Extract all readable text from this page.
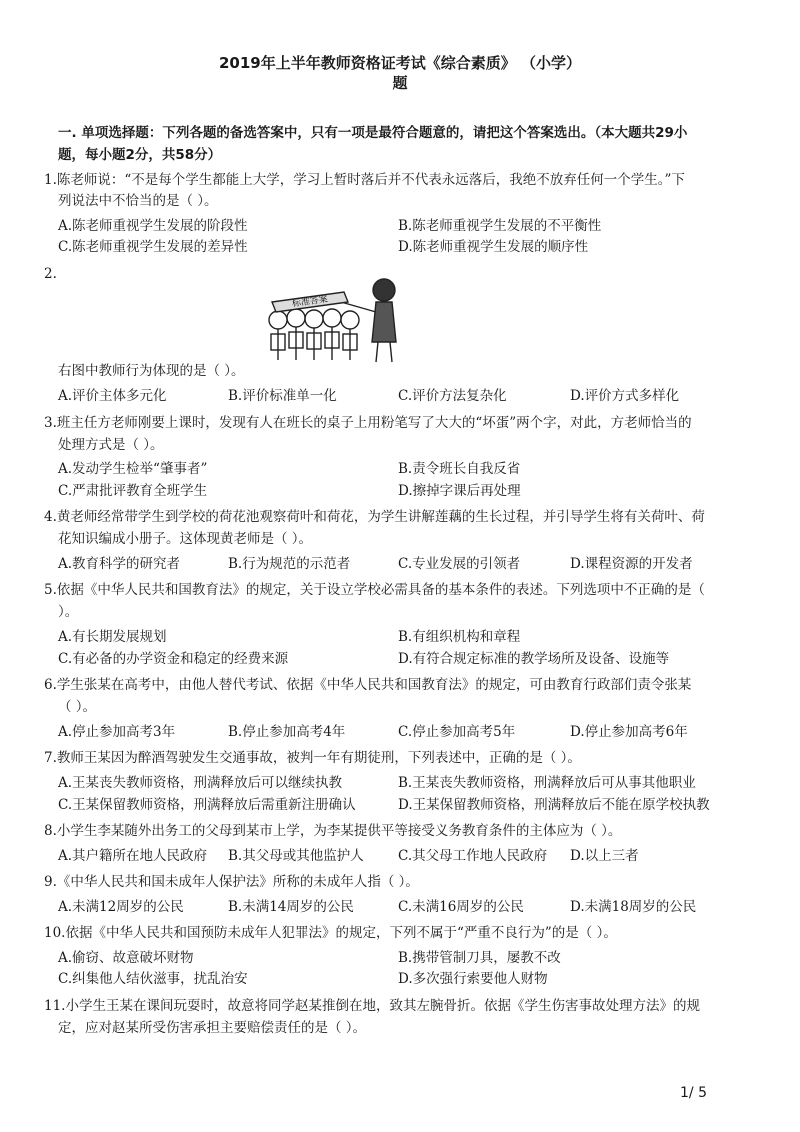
2019年上半年教师资格证考试《综合素质》 （小学）
题
一. 单项选择题：下列各题的备选答案中，只有一项是最符合题意的，请把这个答案选出。（本大题共29小
题，每小题2分，共58分）
1.陈老师说：“不是每个学生都能上大学，学习上暂时落后并不代表永远落后，我绝不放弃任何一个学生。”下
列说法中不恰当的是（ ）。
A.陈老师重视学生发展的阶段性	B.陈老师重视学生发展的不平衡性
C.陈老师重视学生发展的差异性	D.陈老师重视学生发展的顺序性
2.
标准答案
右图中教师行为体现的是（ ）。
A.评价主体多元化	B.评价标准单一化	C.评价方法复杂化	D.评价方式多样化
3.班主任方老师刚要上课时，发现有人在班长的桌子上用粉笔写了大大的“坏蛋”两个字，对此，方老师恰当的
处理方式是（ ）。
A.发动学生检举“肇事者”	B.责令班长自我反省
C.严肃批评教育全班学生	D.擦掉字课后再处理
4.黄老师经常带学生到学校的荷花池观察荷叶和荷花，为学生讲解莲藕的生长过程，并引导学生将有关荷叶、荷
花知识编成小册子。这体现黄老师是（ ）。
A.教育科学的研究者	B.行为规范的示范者	C.专业发展的引领者	D.课程资源的开发者
5.依据《中华人民共和国教育法》的规定，关于设立学校必需具备的基本条件的表述。下列选项中不正确的是（
）。
A.有长期发展规划	B.有组织机构和章程
C.有必备的办学资金和稳定的经费来源	D.有符合规定标准的教学场所及设备、设施等
6.学生张某在高考中，由他人替代考试、依据《中华人民共和国教育法》的规定，可由教育行政部们责令张某
（ ）。
A.停止参加高考3年	B.停止参加高考4年	C.停止参加高考5年	D.停止参加高考6年
7.教师王某因为醉酒驾驶发生交通事故，被判一年有期徒刑，下列表述中，正确的是（ ）。
A.王某丧失教师资格，刑满释放后可以继续执教	B.王某丧失教师资格，刑满释放后可从事其他职业
C.王某保留教师资格，刑满释放后需重新注册确认	D.王某保留教师资格，刑满释放后不能在原学校执教
8.小学生李某随外出务工的父母到某市上学，为李某提供平等接受义务教育条件的主体应为（ ）。
A.其户籍所在地人民政府 B.其父母或其他监护人	C.其父母工作地人民政府 D.以上三者
9.《中华人民共和国未成年人保护法》所称的未成年人指（ ）。
A.未满12周岁的公民	B.未满14周岁的公民	C.未满16周岁的公民	D.未满18周岁的公民
10.依据《中华人民共和国预防未成年人犯罪法》的规定，下列不属于“严重不良行为”的是（ ）。
A.偷窃、故意破坏财物	B.携带管制刀具，屡教不改
C.纠集他人结伙滋事，扰乱治安	D.多次强行索要他人财物
11.小学生王某在课间玩耍时，故意将同学赵某推倒在地，致其左腕骨折。依据《学生伤害事故处理方法》的规
定，应对赵某所受伤害承担主要赔偿责任的是（ ）。
1/ 5
